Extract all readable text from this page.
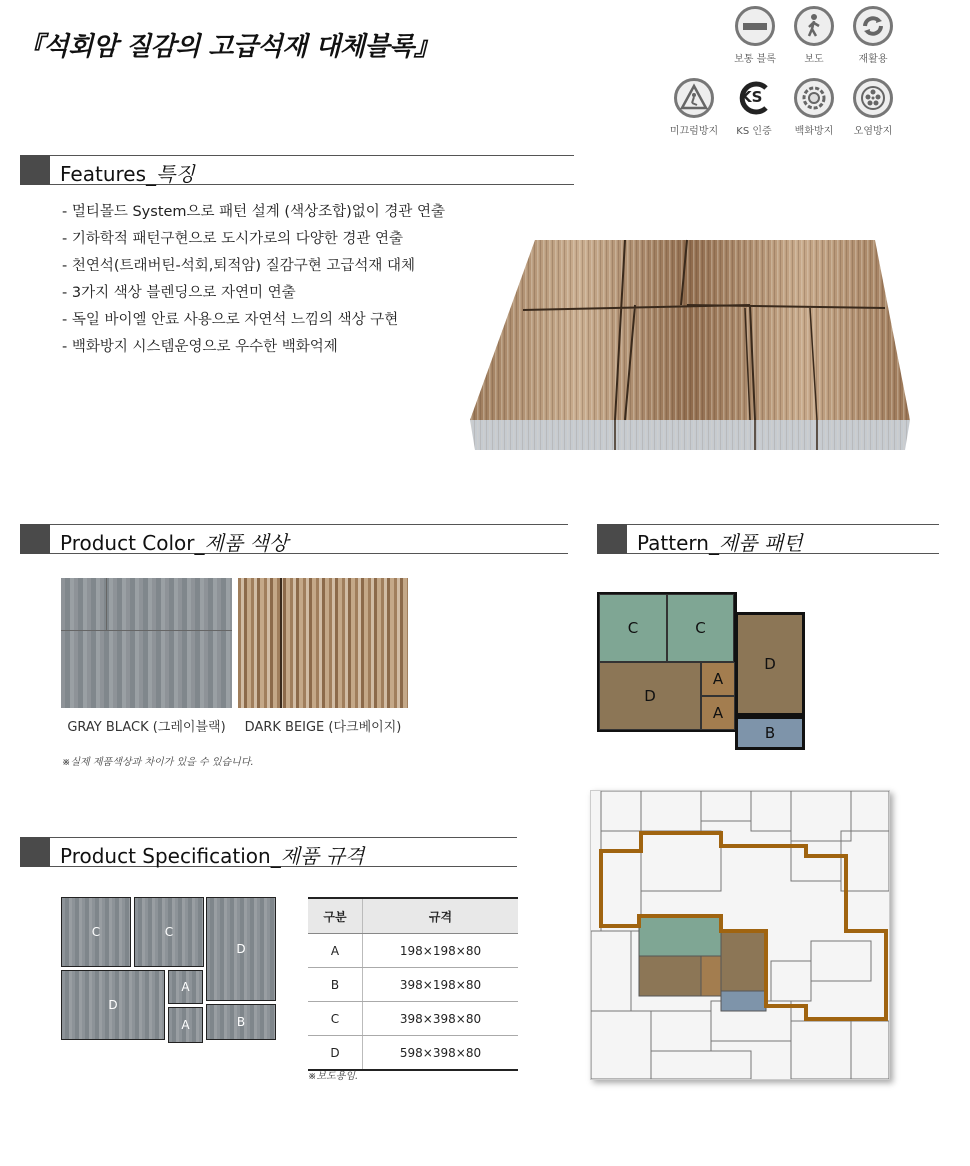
『석회암 질감의 고급석재 대체블록』	보통 블록	보도	재활용
미끄럼방지
KS
KS 인증	백화방지	오염방지
Features_특징
- 멀티몰드 System으로 패턴 설계 (색상조합)없이 경관 연출
- 기하학적 패턴구현으로 도시가로의 다양한 경관 연출
- 천연석(트래버틴-석회,퇴적암) 질감구현 고급석재 대체
- 3가지 색상 블렌딩으로 자연미 연출
- 독일 바이엘 안료 사용으로 자연석 느낌의 색상 구현
- 백화방지 시스템운영으로 우수한 백화억제
Product Color_제품 색상	Pattern_제품 패턴
GRAY BLACK (그레이블랙)	DARK BEIGE (다크베이지)
※실제 제품색상과 차이가 있을 수 있습니다.
C	C
D
A
A
D
B
Product Specification_제품 규격
C	C
D
D
A
A	B
구분	규격
A	198×198×80
B	398×198×80
C	398×398×80
D	598×398×80
※보도용임.
